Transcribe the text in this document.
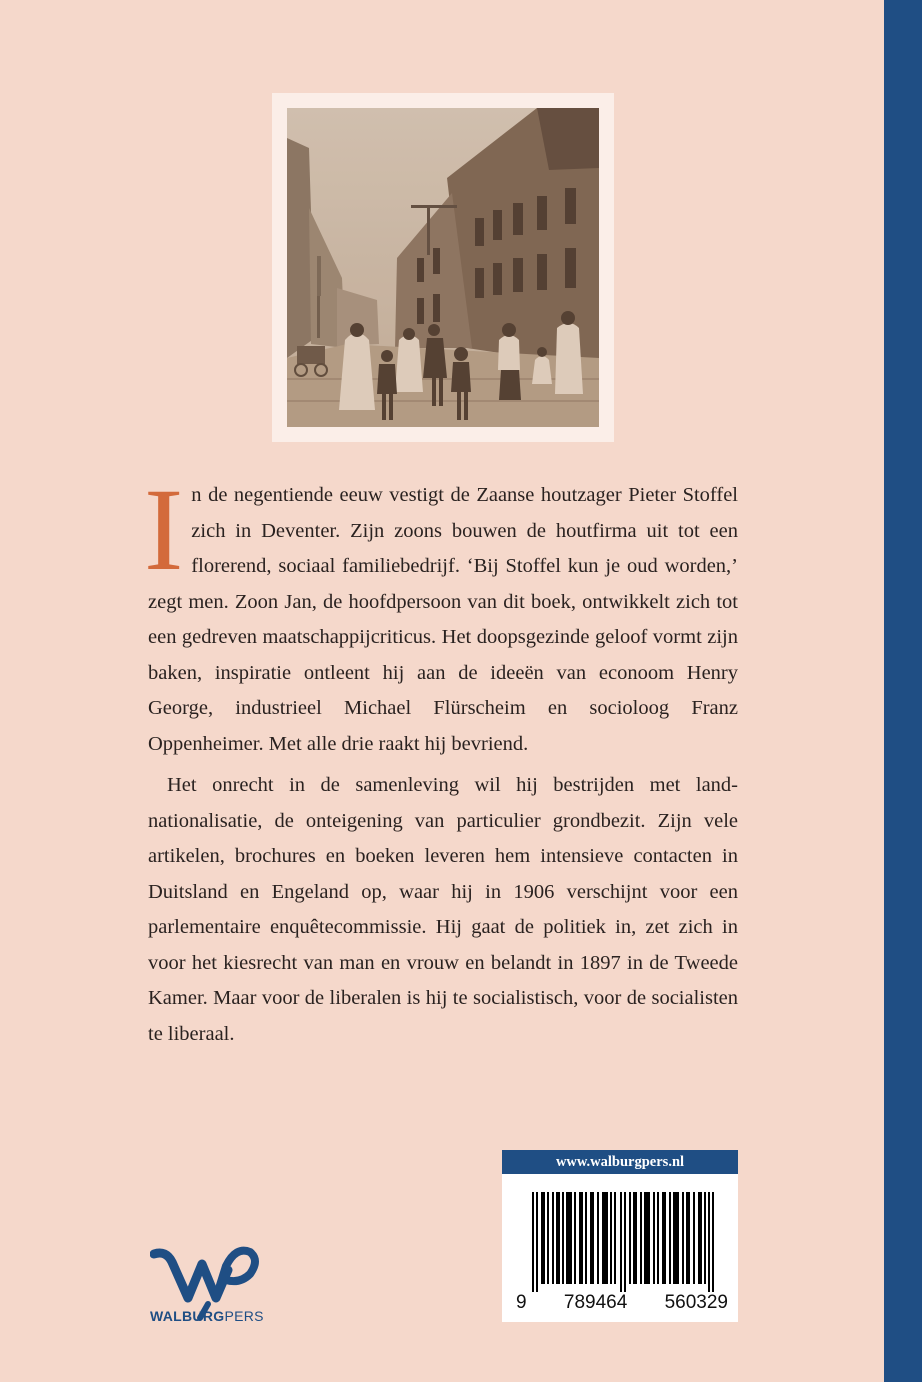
In de negentiende eeuw vestigt de Zaanse houtzager Pieter Stoffel zich in Deventer. Zijn zoons bouwen de houtfirma uit tot een florerend, sociaal familiebedrijf. ‘Bij Stoffel kun je oud worden,’ zegt men. Zoon Jan, de hoofdpersoon van dit boek, ontwikkelt zich tot een gedreven maatschappijcriticus. Het doopsgezinde geloof vormt zijn baken, inspiratie ontleent hij aan de ideeën van econoom Henry George, industrieel Michael Flürscheim en socioloog Franz Oppenheimer. Met alle drie raakt hij bevriend.

Het onrecht in de samenleving wil hij bestrijden met landnationalisatie, de onteigening van particulier grondbezit. Zijn vele artikelen, brochures en boeken leveren hem intensieve contacten in Duitsland en Engeland op, waar hij in 1906 verschijnt voor een parlementaire enquêtecommissie. Hij gaat de politiek in, zet zich in voor het kiesrecht van man en vrouw en belandt in 1897 in de Tweede Kamer. Maar voor de liberalen is hij te socialistisch, voor de socialisten te liberaal.

www.walburgpers.nl
9 789464 560329
WALBURGPERS
